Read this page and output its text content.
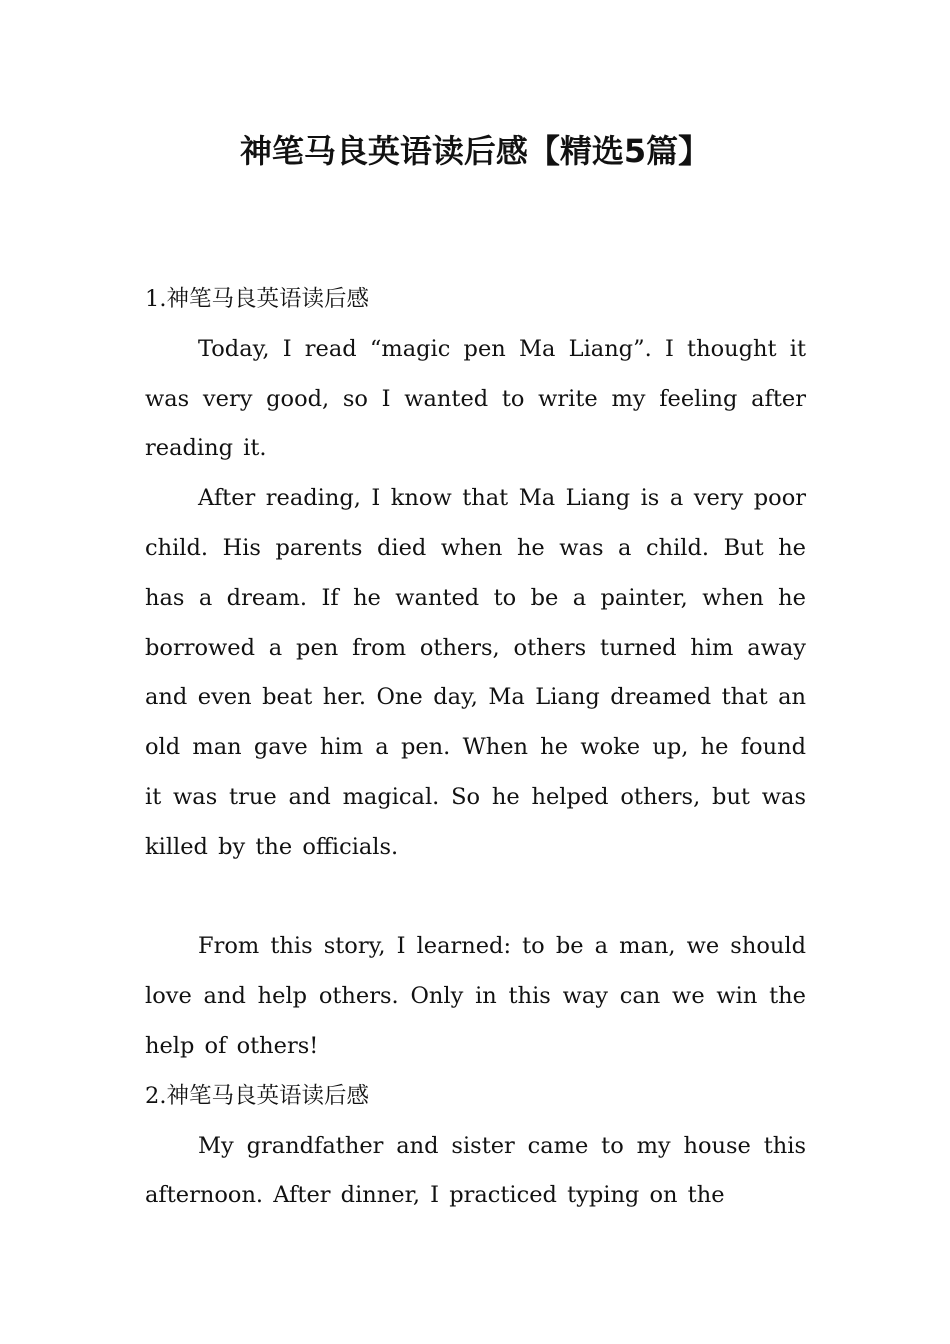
神笔马良英语读后感【精选5篇】
1.神笔马良英语读后感

Today, I read “magic pen Ma Liang”. I thought it was very good, so I wanted to write my feeling after reading it.

After reading, I know that Ma Liang is a very poor child. His parents died when he was a child. But he has a dream. If he wanted to be a painter, when he borrowed a pen from others, others turned him away and even beat her. One day, Ma Liang dreamed that an old man gave him a pen. When he woke up, he found it was true and magical. So he helped others, but was killed by the officials.

From this story, I learned: to be a man, we should love and help others. Only in this way can we win the help of others!

2.神笔马良英语读后感

My grandfather and sister came to my house this afternoon. After dinner, I practiced typing on the
